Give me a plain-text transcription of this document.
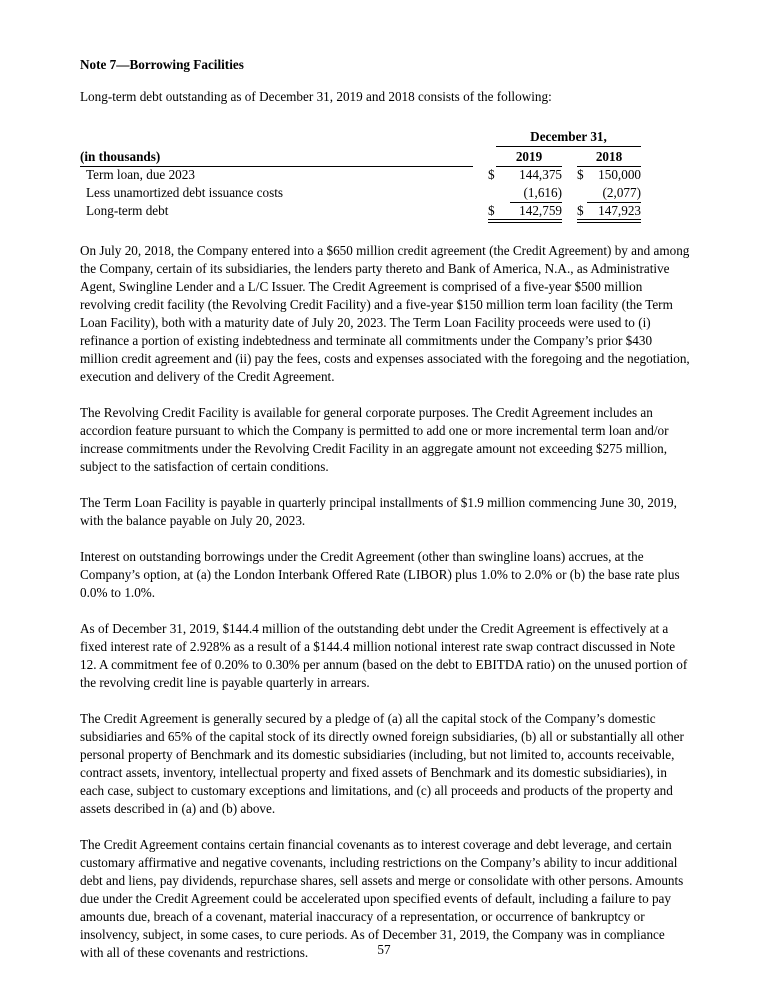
Note 7—Borrowing Facilities
Long-term debt outstanding as of December 31, 2019 and 2018 consists of the following:
December 31,
(in thousands)	2019	2018
Term loan, due 2023	$	144,375 $	150,000
Less unamortized debt issuance costs	(1,616)	(2,077)
Long-term debt	$	142,759 $	147,923

On July 20, 2018, the Company entered into a $650 million credit agreement (the Credit Agreement) by and among the Company, certain of its subsidiaries, the lenders party thereto and Bank of America, N.A., as Administrative Agent, Swingline Lender and a L/C Issuer. The Credit Agreement is comprised of a five-year $500 million revolving credit facility (the Revolving Credit Facility) and a five-year $150 million term loan facility (the Term Loan Facility), both with a maturity date of July 20, 2023. The Term Loan Facility proceeds were used to (i) refinance a portion of existing indebtedness and terminate all commitments under the Company’s prior $430 million credit agreement and (ii) pay the fees, costs and expenses associated with the foregoing and the negotiation, execution and delivery of the Credit Agreement.

The Revolving Credit Facility is available for general corporate purposes. The Credit Agreement includes an accordion feature pursuant to which the Company is permitted to add one or more incremental term loan and/or increase commitments under the Revolving Credit Facility in an aggregate amount not exceeding $275 million, subject to the satisfaction of certain conditions.

The Term Loan Facility is payable in quarterly principal installments of $1.9 million commencing June 30, 2019, with the balance payable on July 20, 2023.

Interest on outstanding borrowings under the Credit Agreement (other than swingline loans) accrues, at the Company’s option, at (a) the London Interbank Offered Rate (LIBOR) plus 1.0% to 2.0% or (b) the base rate plus 0.0% to 1.0%.

As of December 31, 2019, $144.4 million of the outstanding debt under the Credit Agreement is effectively at a fixed interest rate of 2.928% as a result of a $144.4 million notional interest rate swap contract discussed in Note 12. A commitment fee of 0.20% to 0.30% per annum (based on the debt to EBITDA ratio) on the unused portion of the revolving credit line is payable quarterly in arrears.

The Credit Agreement is generally secured by a pledge of (a) all the capital stock of the Company’s domestic subsidiaries and 65% of the capital stock of its directly owned foreign subsidiaries, (b) all or substantially all other personal property of Benchmark and its domestic subsidiaries (including, but not limited to, accounts receivable, contract assets, inventory, intellectual property and fixed assets of Benchmark and its domestic subsidiaries), in each case, subject to customary exceptions and limitations, and (c) all proceeds and products of the property and assets described in (a) and (b) above.

The Credit Agreement contains certain financial covenants as to interest coverage and debt leverage, and certain customary affirmative and negative covenants, including restrictions on the Company’s ability to incur additional debt and liens, pay dividends, repurchase shares, sell assets and merge or consolidate with other persons. Amounts due under the Credit Agreement could be accelerated upon specified events of default, including a failure to pay amounts due, breach of a covenant, material inaccuracy of a representation, or occurrence of bankruptcy or insolvency, subject, in some cases, to cure periods. As of December 31, 2019, the Company was in compliance with all of these covenants and restrictions.	57
